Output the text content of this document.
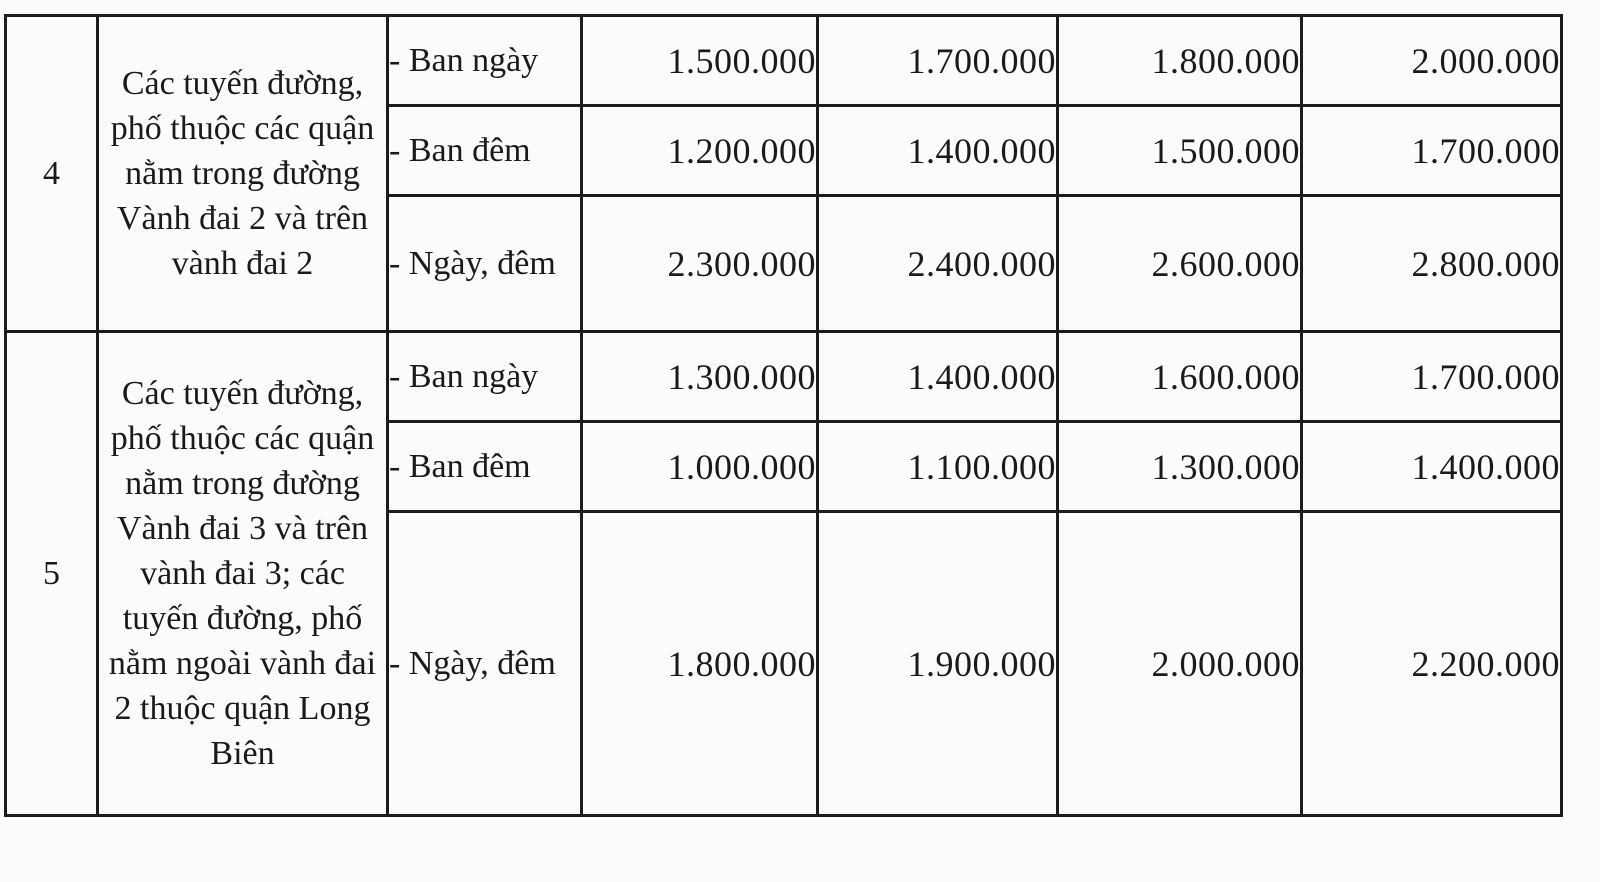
4	Các tuyến đường, phố thuộc các quận nằm trong đường Vành đai 2 và trên vành đai 2	- Ban ngày	1.500.000	1.700.000	1.800.000	2.000.000
		- Ban đêm	1.200.000	1.400.000	1.500.000	1.700.000
		- Ngày, đêm	2.300.000	2.400.000	2.600.000	2.800.000
5	Các tuyến đường, phố thuộc các quận nằm trong đường Vành đai 3 và trên vành đai 3; các tuyến đường, phố nằm ngoài vành đai 2 thuộc quận Long Biên	- Ban ngày	1.300.000	1.400.000	1.600.000	1.700.000
		- Ban đêm	1.000.000	1.100.000	1.300.000	1.400.000
		- Ngày, đêm	1.800.000	1.900.000	2.000.000	2.200.000
